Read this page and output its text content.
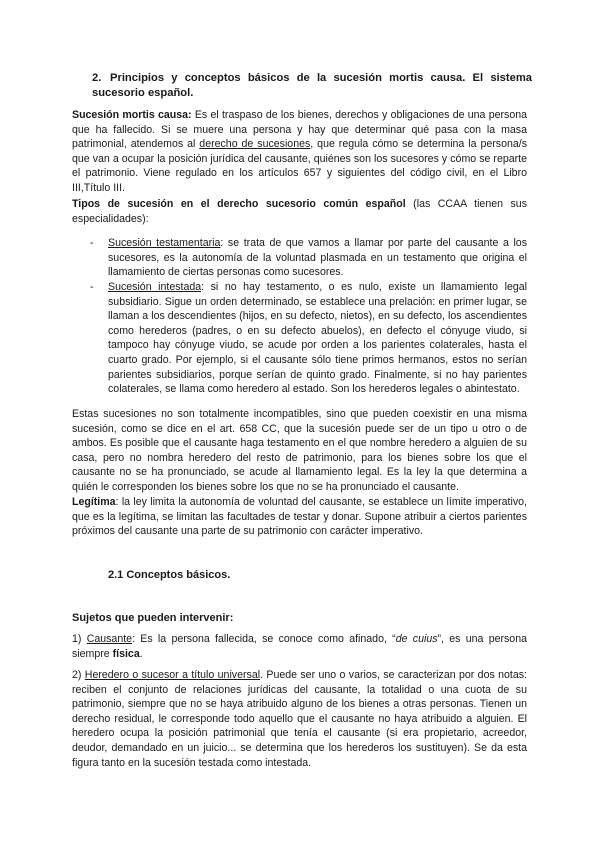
2. Principios y conceptos básicos de la sucesión mortis causa. El sistema sucesorio español.

Sucesión mortis causa: Es el traspaso de los bienes, derechos y obligaciones de una persona que ha fallecido. Si se muere una persona y hay que determinar qué pasa con la masa patrimonial, atendemos al derecho de sucesiones, que regula cómo se determina la persona/s que van a ocupar la posición jurídica del causante, quiénes son los sucesores y cómo se reparte el patrimonio. Viene regulado en los artículos 657 y siguientes del código civil, en el Libro III,Título III.

Tipos de sucesión en el derecho sucesorio común español (las CCAA tienen sus especialidades):

- Sucesión testamentaria: se trata de que vamos a llamar por parte del causante a los sucesores, es la autonomía de la voluntad plasmada en un testamento que origina el llamamiento de ciertas personas como sucesores.
- Sucesión intestada: si no hay testamento, o es nulo, existe un llamamiento legal subsidiario. Sigue un orden determinado, se establece una prelación: en primer lugar, se llaman a los descendientes (hijos, en su defecto, nietos), en su defecto, los ascendientes como herederos (padres, o en su defecto abuelos), en defecto el cónyuge viudo, si tampoco hay cónyuge viudo, se acude por orden a los parientes colaterales, hasta el cuarto grado. Por ejemplo, si el causante sólo tiene primos hermanos, estos no serían parientes subsidiarios, porque serían de quinto grado. Finalmente, si no hay parientes colaterales, se llama como heredero al estado. Son los herederos legales o abintestato.

Estas sucesiones no son totalmente incompatibles, sino que pueden coexistir en una misma sucesión, como se dice en el art. 658 CC, que la sucesión puede ser de un tipo u otro o de ambos. Es posible que el causante haga testamento en el que nombre heredero a alguien de su casa, pero no nombra heredero del resto de patrimonio, para los bienes sobre los que el causante no se ha pronunciado, se acude al llamamiento legal. Es la ley la que determina a quién le corresponden los bienes sobre los que no se ha pronunciado el causante.

Legítima: la ley limita la autonomía de voluntad del causante, se establece un límite imperativo, que es la legítima, se limitan las facultades de testar y donar. Supone atribuir a ciertos parientes próximos del causante una parte de su patrimonio con carácter imperativo.

2.1 Conceptos básicos.
Sujetos que pueden intervenir:

1) Causante: Es la persona fallecida, se conoce como afinado, “de cuius”, es una persona siempre física.

2) Heredero o sucesor a título universal. Puede ser uno o varios, se caracterizan por dos notas: reciben el conjunto de relaciones jurídicas del causante, la totalidad o una cuota de su patrimonio, siempre que no se haya atribuido alguno de los bienes a otras personas. Tienen un derecho residual, le corresponde todo aquello que el causante no haya atribuido a alguien. El heredero ocupa la posición patrimonial que tenía el causante (si era propietario, acreedor, deudor, demandado en un juicio... se determina que los herederos los sustituyen). Se da esta figura tanto en la sucesión testada como intestada.
